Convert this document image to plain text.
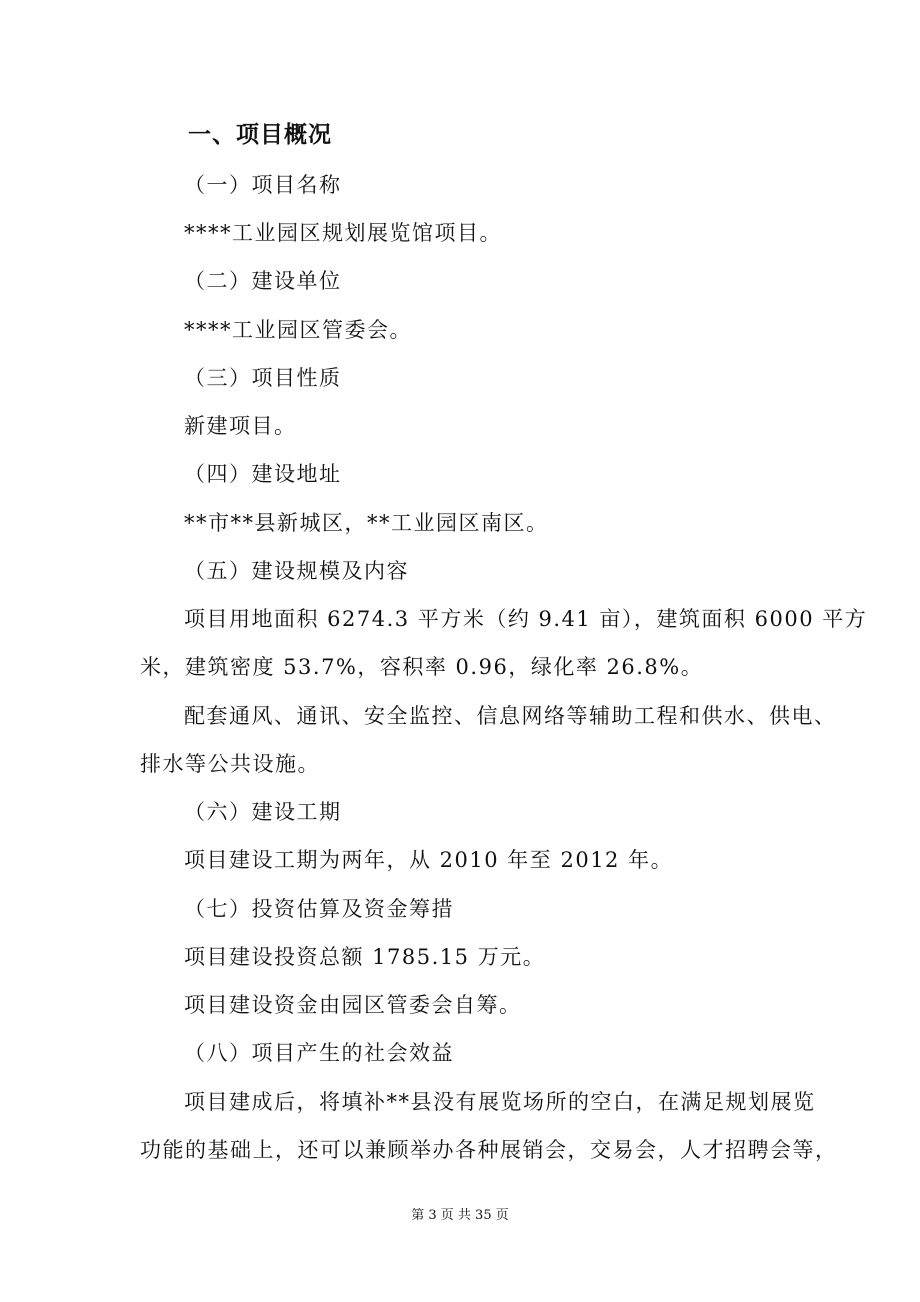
一、项目概况
（一）项目名称
****工业园区规划展览馆项目。
（二）建设单位
****工业园区管委会。
（三）项目性质
新建项目。
（四）建设地址
**市**县新城区，**工业园区南区。
（五）建设规模及内容
项目用地面积 6274.3 平方米（约 9.41 亩），建筑面积 6000 平方
米，建筑密度 53.7%，容积率 0.96，绿化率 26.8%。
配套通风、通讯、安全监控、信息网络等辅助工程和供水、供电、
排水等公共设施。
（六）建设工期
项目建设工期为两年，从 2010 年至 2012 年。
（七）投资估算及资金筹措
项目建设投资总额 1785.15 万元。
项目建设资金由园区管委会自筹。
（八）项目产生的社会效益
项目建成后，将填补**县没有展览场所的空白，在满足规划展览
功能的基础上，还可以兼顾举办各种展销会，交易会，人才招聘会等，
第 3 页 共 35 页
